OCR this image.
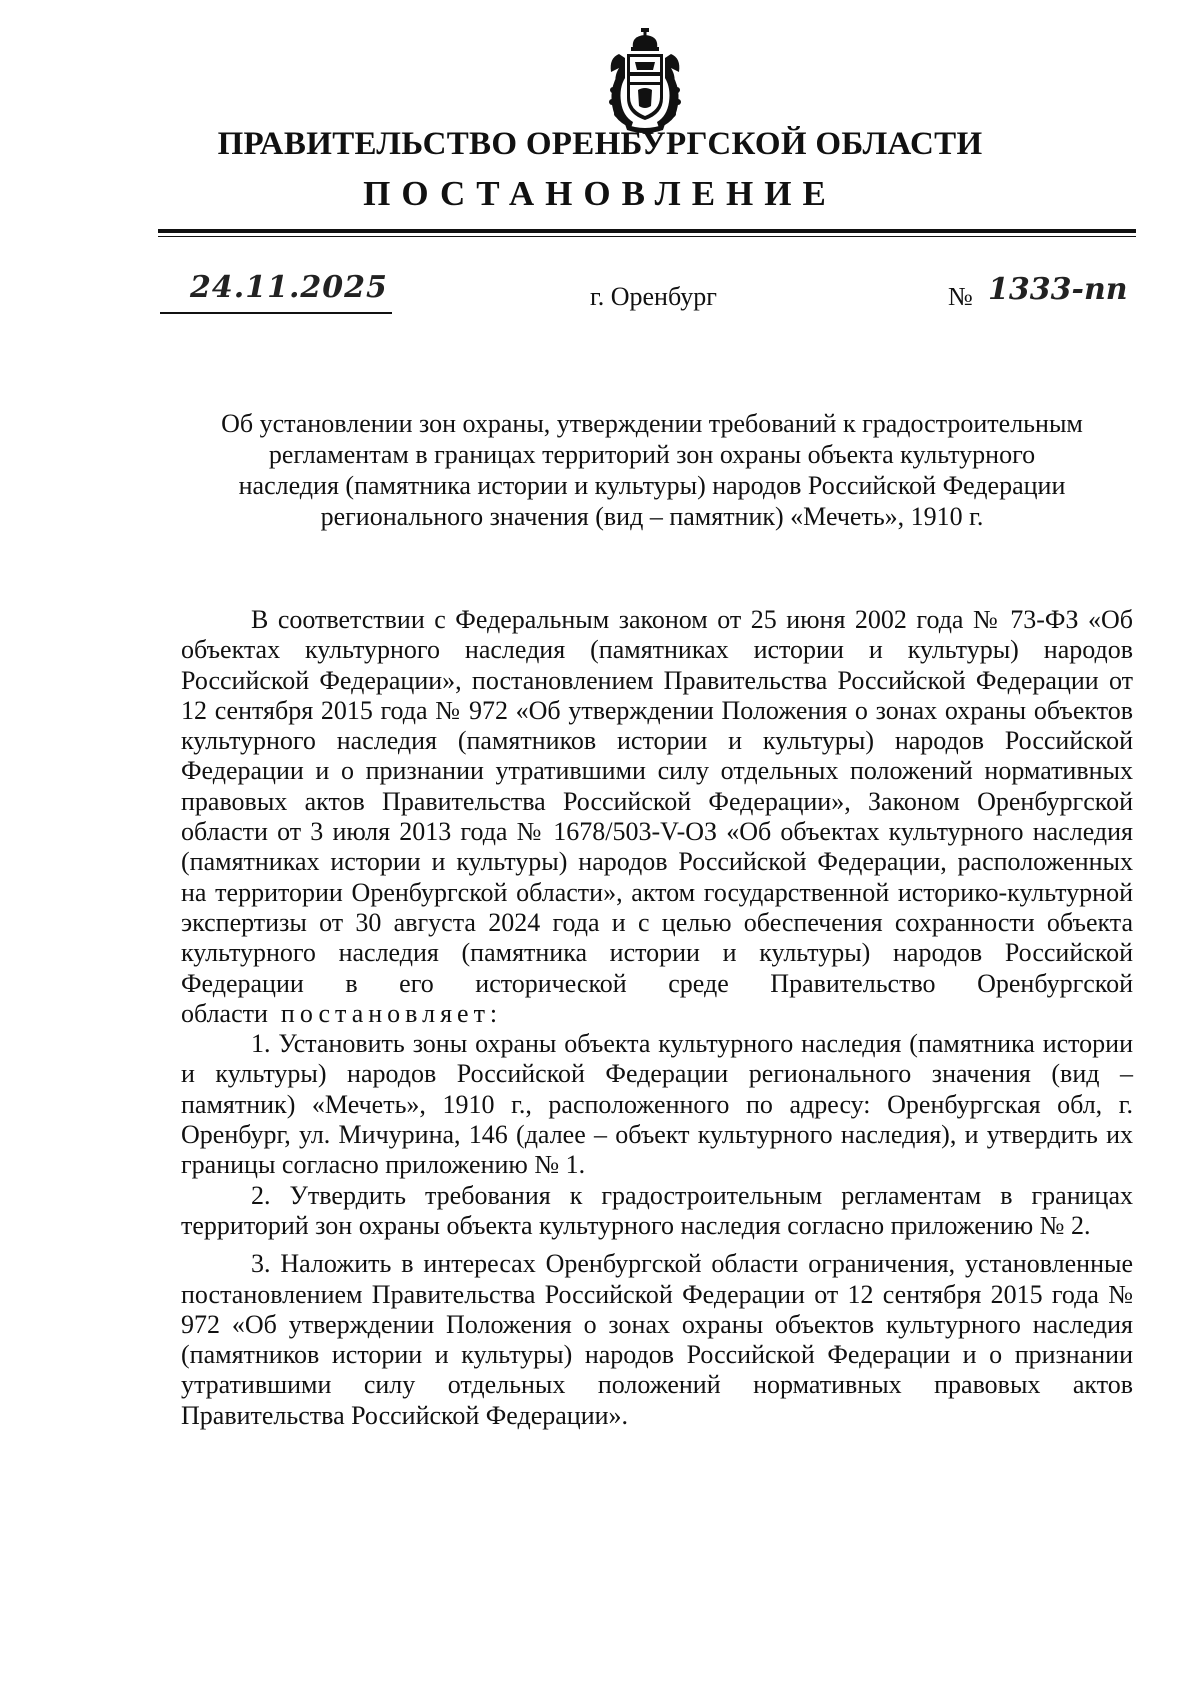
ПРАВИТЕЛЬСТВО ОРЕНБУРГСКОЙ ОБЛАСТИ
ПОСТАНОВЛЕНИЕ
24.11.2025	г. Оренбург	№ 1333-пп
Об установлении зон охраны, утверждении требований к градостроительным
регламентам в границах территорий зон охраны объекта культурного
наследия (памятника истории и культуры) народов Российской Федерации
регионального значения (вид – памятник) «Мечеть», 1910 г.
В соответствии с Федеральным законом от 25 июня 2002 года № 73-ФЗ «Об объектах культурного наследия (памятниках истории и культуры) народов Российской Федерации», постановлением Правительства Российской Федерации от 12 сентября 2015 года № 972 «Об утверждении Положения о зонах охраны объектов культурного наследия (памятников истории и культуры) народов Российской Федерации и о признании утратившими силу отдельных положений нормативных правовых актов Правительства Российской Федерации», Законом Оренбургской области от 3 июля 2013 года № 1678/503-V-ОЗ «Об объектах культурного наследия (памятниках истории и культуры) народов Российской Федерации, расположенных на территории Оренбургской области», актом государственной историко-культурной экспертизы от 30 августа 2024 года и с целью обеспечения сохранности объекта культурного наследия (памятника истории и культуры) народов Российской Федерации в его исторической среде Правительство Оренбургской области постановляет:
1. Установить зоны охраны объекта культурного наследия (памятника истории и культуры) народов Российской Федерации регионального значения (вид – памятник) «Мечеть», 1910 г., расположенного по адресу: Оренбургская обл, г. Оренбург, ул. Мичурина, 146 (далее – объект культурного наследия), и утвердить их границы согласно приложению № 1.
2. Утвердить требования к градостроительным регламентам в границах территорий зон охраны объекта культурного наследия согласно приложению № 2.
3. Наложить в интересах Оренбургской области ограничения, установленные постановлением Правительства Российской Федерации от 12 сентября 2015 года № 972 «Об утверждении Положения о зонах охраны объектов культурного наследия (памятников истории и культуры) народов Российской Федерации и о признании утратившими силу отдельных положений нормативных правовых актов Правительства Российской Федерации».
